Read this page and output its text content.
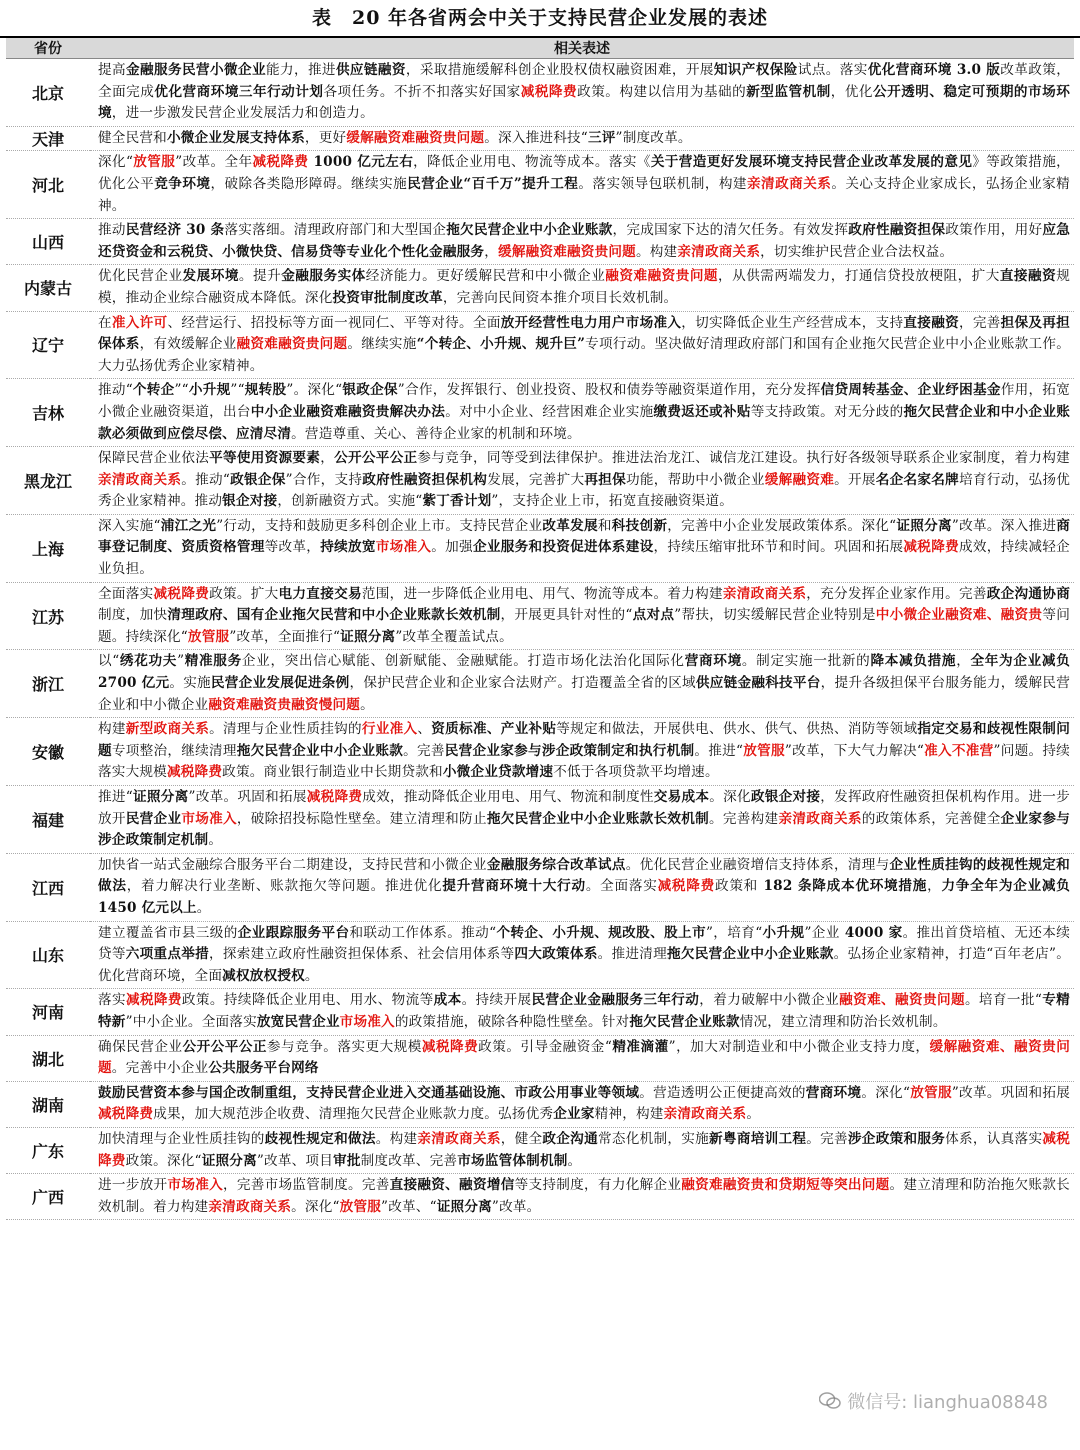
表　20 年各省两会中关于支持民营企业发展的表述
省份	相关表述
北京	提高金融服务民营小微企业能力，推进供应链融资，采取措施缓解科创企业股权债权融资困难，开展知识产权保险试点。落实优化营商环境 3.0 版改革政策，全面完成优化营商环境三年行动计划各项任务。不折不扣落实好国家减税降费政策。构建以信用为基础的新型监管机制，优化公开透明、稳定可预期的市场环境，进一步激发民营企业发展活力和创造力。
天津	健全民营和小微企业发展支持体系，更好缓解融资难融资贵问题。深入推进科技“三评”制度改革。
河北	深化“放管服”改革。全年减税降费 1000 亿元左右，降低企业用电、物流等成本。落实《关于营造更好发展环境支持民营企业改革发展的意见》等政策措施，优化公平竞争环境，破除各类隐形障碍。继续实施民营企业“百千万”提升工程。落实领导包联机制，构建亲清政商关系。关心支持企业家成长，弘扬企业家精神。
山西	推动民营经济 30 条落实落细。清理政府部门和大型国企拖欠民营企业中小企业账款，完成国家下达的清欠任务。有效发挥政府性融资担保政策作用，用好应急还贷资金和云税贷、小微快贷、信易贷等专业化个性化金融服务，缓解融资难融资贵问题。构建亲清政商关系，切实维护民营企业合法权益。
内蒙古	优化民营企业发展环境。提升金融服务实体经济能力。更好缓解民营和中小微企业融资难融资贵问题，从供需两端发力，打通信贷投放梗阻，扩大直接融资规模，推动企业综合融资成本降低。深化投资审批制度改革，完善向民间资本推介项目长效机制。
辽宁	在准入许可、经营运行、招投标等方面一视同仁、平等对待。全面放开经营性电力用户市场准入，切实降低企业生产经营成本，支持直接融资，完善担保及再担保体系，有效缓解企业融资难融资贵问题。继续实施“个转企、小升规、规升巨”专项行动。坚决做好清理政府部门和国有企业拖欠民营企业中小企业账款工作。大力弘扬优秀企业家精神。
吉林	推动“个转企”“小升规”“规转股”。深化“银政企保”合作，发挥银行、创业投资、股权和债券等融资渠道作用，充分发挥信贷周转基金、企业纾困基金作用，拓宽小微企业融资渠道，出台中小企业融资难融资贵解决办法。对中小企业、经营困难企业实施缴费返还或补贴等支持政策。对无分歧的拖欠民营企业和中小企业账款必须做到应偿尽偿、应清尽清。营造尊重、关心、善待企业家的机制和环境。
黑龙江	保障民营企业依法平等使用资源要素，公开公平公正参与竞争，同等受到法律保护。推进法治龙江、诚信龙江建设。执行好各级领导联系企业家制度，着力构建亲清政商关系。推动“政银企保”合作，支持政府性融资担保机构发展，完善扩大再担保功能，帮助中小微企业缓解融资难。开展名企名家名牌培育行动，弘扬优秀企业家精神。推动银企对接，创新融资方式。实施“紫丁香计划”，支持企业上市，拓宽直接融资渠道。
上海	深入实施“浦江之光”行动，支持和鼓励更多科创企业上市。支持民营企业改革发展和科技创新，完善中小企业发展政策体系。深化“证照分离”改革。深入推进商事登记制度、资质资格管理等改革，持续放宽市场准入。加强企业服务和投资促进体系建设，持续压缩审批环节和时间。巩固和拓展减税降费成效，持续减轻企业负担。
江苏	全面落实减税降费政策。扩大电力直接交易范围，进一步降低企业用电、用气、物流等成本。着力构建亲清政商关系，充分发挥企业家作用。完善政企沟通协商制度，加快清理政府、国有企业拖欠民营和中小企业账款长效机制，开展更具针对性的“点对点”帮扶，切实缓解民营企业特别是中小微企业融资难、融资贵等问题。持续深化“放管服”改革，全面推行“证照分离”改革全覆盖试点。
浙江	以“绣花功夫”精准服务企业，突出信心赋能、创新赋能、金融赋能。打造市场化法治化国际化营商环境。制定实施一批新的降本减负措施，全年为企业减负 2700 亿元。实施民营企业发展促进条例，保护民营企业和企业家合法财产。打造覆盖全省的区域供应链金融科技平台，提升各级担保平台服务能力，缓解民营企业和中小微企业融资难融资贵融资慢问题。
安徽	构建新型政商关系。清理与企业性质挂钩的行业准入、资质标准、产业补贴等规定和做法，开展供电、供水、供气、供热、消防等领域指定交易和歧视性限制问题专项整治，继续清理拖欠民营企业中小企业账款。完善民营企业家参与涉企政策制定和执行机制。推进“放管服”改革，下大气力解决“准入不准营”问题。持续落实大规模减税降费政策。商业银行制造业中长期贷款和小微企业贷款增速不低于各项贷款平均增速。
福建	推进“证照分离”改革。巩固和拓展减税降费成效，推动降低企业用电、用气、物流和制度性交易成本。深化政银企对接，发挥政府性融资担保机构作用。进一步放开民营企业市场准入，破除招投标隐性壁垒。建立清理和防止拖欠民营企业中小企业账款长效机制。完善构建亲清政商关系的政策体系，完善健全企业家参与涉企政策制定机制。
江西	加快省一站式金融综合服务平台二期建设，支持民营和小微企业金融服务综合改革试点。优化民营企业融资增信支持体系，清理与企业性质挂钩的歧视性规定和做法，着力解决行业垄断、账款拖欠等问题。推进优化提升营商环境十大行动。全面落实减税降费政策和 182 条降成本优环境措施，力争全年为企业减负 1450 亿元以上。
山东	建立覆盖省市县三级的企业跟踪服务平台和联动工作体系。推动“个转企、小升规、规改股、股上市”，培育“小升规”企业 4000 家。推出首贷培植、无还本续贷等六项重点举措，探索建立政府性融资担保体系、社会信用体系等四大政策体系。推进清理拖欠民营企业中小企业账款。弘扬企业家精神，打造“百年老店”。优化营商环境，全面减权放权授权。
河南	落实减税降费政策。持续降低企业用电、用水、物流等成本。持续开展民营企业金融服务三年行动，着力破解中小微企业融资难、融资贵问题。培育一批“专精特新”中小企业。全面落实放宽民营企业市场准入的政策措施，破除各种隐性壁垒。针对拖欠民营企业账款情况，建立清理和防治长效机制。
湖北	确保民营企业公开公平公正参与竞争。落实更大规模减税降费政策。引导金融资金“精准滴灌”，加大对制造业和中小微企业支持力度，缓解融资难、融资贵问题。完善中小企业公共服务平台网络
湖南	鼓励民营资本参与国企改制重组，支持民营企业进入交通基础设施、市政公用事业等领域。营造透明公正便捷高效的营商环境。深化“放管服”改革。巩固和拓展减税降费成果，加大规范涉企收费、清理拖欠民营企业账款力度。弘扬优秀企业家精神，构建亲清政商关系。
广东	加快清理与企业性质挂钩的歧视性规定和做法。构建亲清政商关系，健全政企沟通常态化机制，实施新粤商培训工程。完善涉企政策和服务体系，认真落实减税降费政策。深化“证照分离”改革、项目审批制度改革、完善市场监管体制机制。
广西	进一步放开市场准入，完善市场监管制度。完善直接融资、融资增信等支持制度，有力化解企业融资难融资贵和贷期短等突出问题。建立清理和防治拖欠账款长效机制。着力构建亲清政商关系。深化“放管服”改革、“证照分离”改革。
微信号: lianghua08848
